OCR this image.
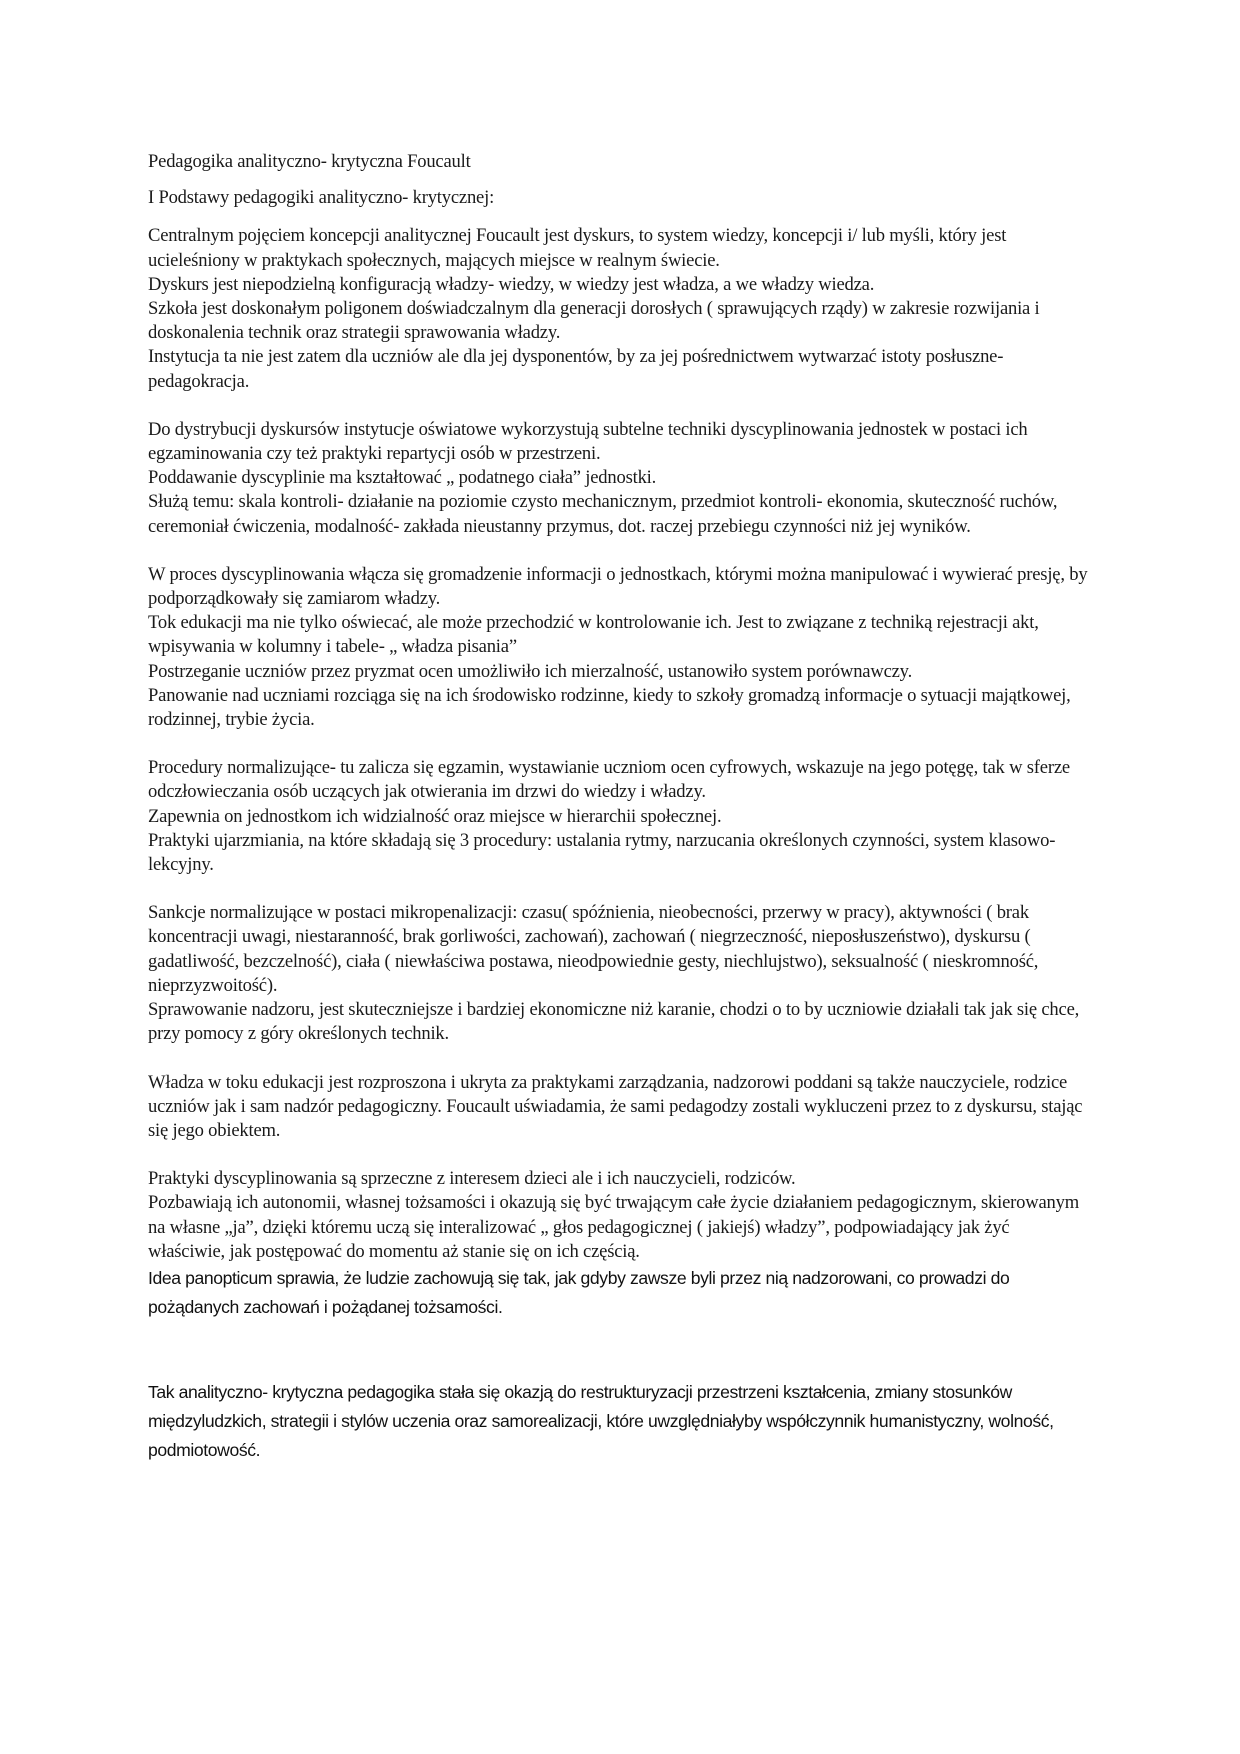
Pedagogika analityczno- krytyczna Foucault

I Podstawy pedagogiki analityczno- krytycznej:

Centralnym pojęciem koncepcji analitycznej Foucault jest dyskurs, to system wiedzy, koncepcji i/ lub myśli, który jest ucieleśniony w praktykach społecznych, mających miejsce w realnym świecie.

Dyskurs jest niepodzielną konfiguracją władzy- wiedzy, w wiedzy jest władza, a we władzy wiedza.

Szkoła jest doskonałym poligonem doświadczalnym dla generacji dorosłych ( sprawujących rządy) w zakresie rozwijania i doskonalenia technik oraz strategii sprawowania władzy.

Instytucja ta nie jest zatem dla uczniów ale dla jej dysponentów, by za jej pośrednictwem wytwarzać istoty posłuszne- pedagokracja.

Do dystrybucji dyskursów instytucje oświatowe wykorzystują subtelne techniki dyscyplinowania jednostek w postaci ich egzaminowania czy też praktyki repartycji osób w przestrzeni.

Poddawanie dyscyplinie ma kształtować „ podatnego ciała” jednostki.

Służą temu: skala kontroli- działanie na poziomie czysto mechanicznym, przedmiot kontroli- ekonomia, skuteczność ruchów, ceremoniał ćwiczenia, modalność- zakłada nieustanny przymus, dot. raczej przebiegu czynności niż jej wyników.

W proces dyscyplinowania włącza się gromadzenie informacji o jednostkach, którymi można manipulować i wywierać presję, by podporządkowały się zamiarom władzy.

Tok edukacji ma nie tylko oświecać, ale może przechodzić w kontrolowanie ich. Jest to związane z techniką rejestracji akt, wpisywania w kolumny i tabele- „ władza pisania”

Postrzeganie uczniów przez pryzmat ocen umożliwiło ich mierzalność, ustanowiło system porównawczy.

Panowanie nad uczniami rozciąga się na ich środowisko rodzinne, kiedy to szkoły gromadzą informacje o sytuacji majątkowej, rodzinnej, trybie życia.

Procedury normalizujące- tu zalicza się egzamin, wystawianie uczniom ocen cyfrowych, wskazuje na jego potęgę, tak w sferze odczłowieczania osób uczących jak otwierania im drzwi do wiedzy i władzy.

Zapewnia on jednostkom ich widzialność oraz miejsce w hierarchii społecznej.

Praktyki ujarzmiania, na które składają się 3 procedury: ustalania rytmy, narzucania określonych czynności, system klasowo-lekcyjny.

Sankcje normalizujące w postaci mikropenalizacji: czasu( spóźnienia, nieobecności, przerwy w pracy), aktywności ( brak koncentracji uwagi, niestaranność, brak gorliwości, zachowań), zachowań ( niegrzeczność, nieposłuszeństwo), dyskursu ( gadatliwość, bezczelność), ciała ( niewłaściwa postawa, nieodpowiednie gesty, niechlujstwo), seksualność ( nieskromność, nieprzyzwoitość).

Sprawowanie nadzoru, jest skuteczniejsze i bardziej ekonomiczne niż karanie, chodzi o to by uczniowie działali tak jak się chce, przy pomocy z góry określonych technik.

Władza w toku edukacji jest rozproszona i ukryta za praktykami zarządzania, nadzorowi poddani są także nauczyciele, rodzice uczniów jak i sam nadzór pedagogiczny. Foucault uświadamia, że sami pedagodzy zostali wykluczeni przez to z dyskursu, stając się jego obiektem.

Praktyki dyscyplinowania są sprzeczne z interesem dzieci ale i ich nauczycieli, rodziców.

Pozbawiają ich autonomii, własnej tożsamości i okazują się być trwającym całe życie działaniem pedagogicznym, skierowanym na własne „ja”, dzięki któremu uczą się interalizować „ głos pedagogicznej ( jakiejś) władzy”, podpowiadający jak żyć właściwie, jak postępować do momentu aż stanie się on ich częścią.

Idea panopticum sprawia, że ludzie zachowują się tak, jak gdyby zawsze byli przez nią nadzorowani, co prowadzi do pożądanych zachowań i pożądanej tożsamości.

Tak analityczno- krytyczna pedagogika stała się okazją do restrukturyzacji przestrzeni kształcenia, zmiany stosunków międzyludzkich, strategii i stylów uczenia oraz samorealizacji, które uwzględniałyby współczynnik humanistyczny, wolność, podmiotowość.
